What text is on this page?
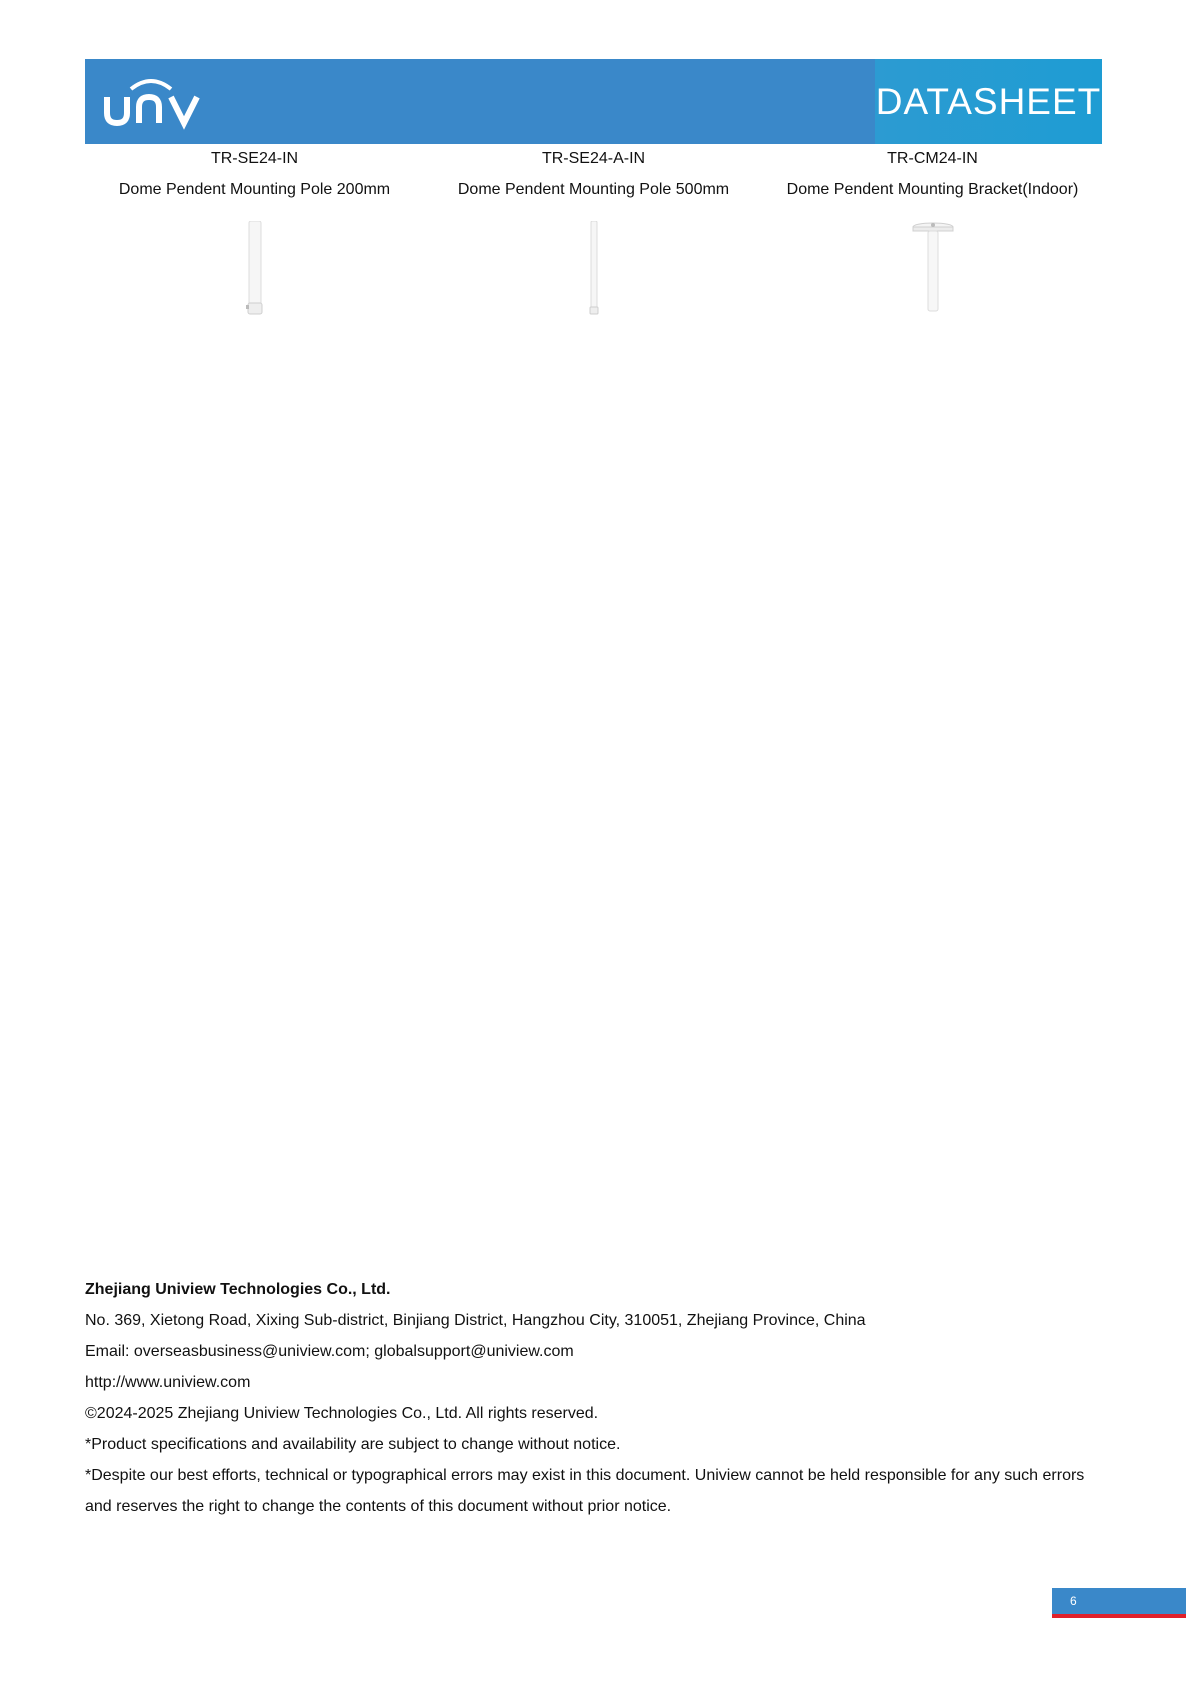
DATASHEET
TR-SE24-IN
Dome Pendent Mounting Pole 200mm
TR-SE24-A-IN
Dome Pendent Mounting Pole 500mm
TR-CM24-IN
Dome Pendent Mounting Bracket(Indoor)
Zhejiang Uniview Technologies Co., Ltd.
No. 369, Xietong Road, Xixing Sub-district, Binjiang District, Hangzhou City, 310051, Zhejiang Province, China
Email: overseasbusiness@uniview.com; globalsupport@uniview.com
http://www.uniview.com
©2024-2025 Zhejiang Uniview Technologies Co., Ltd. All rights reserved.
*Product specifications and availability are subject to change without notice.
*Despite our best efforts, technical or typographical errors may exist in this document. Uniview cannot be held responsible for any such errors and reserves the right to change the contents of this document without prior notice.
6
